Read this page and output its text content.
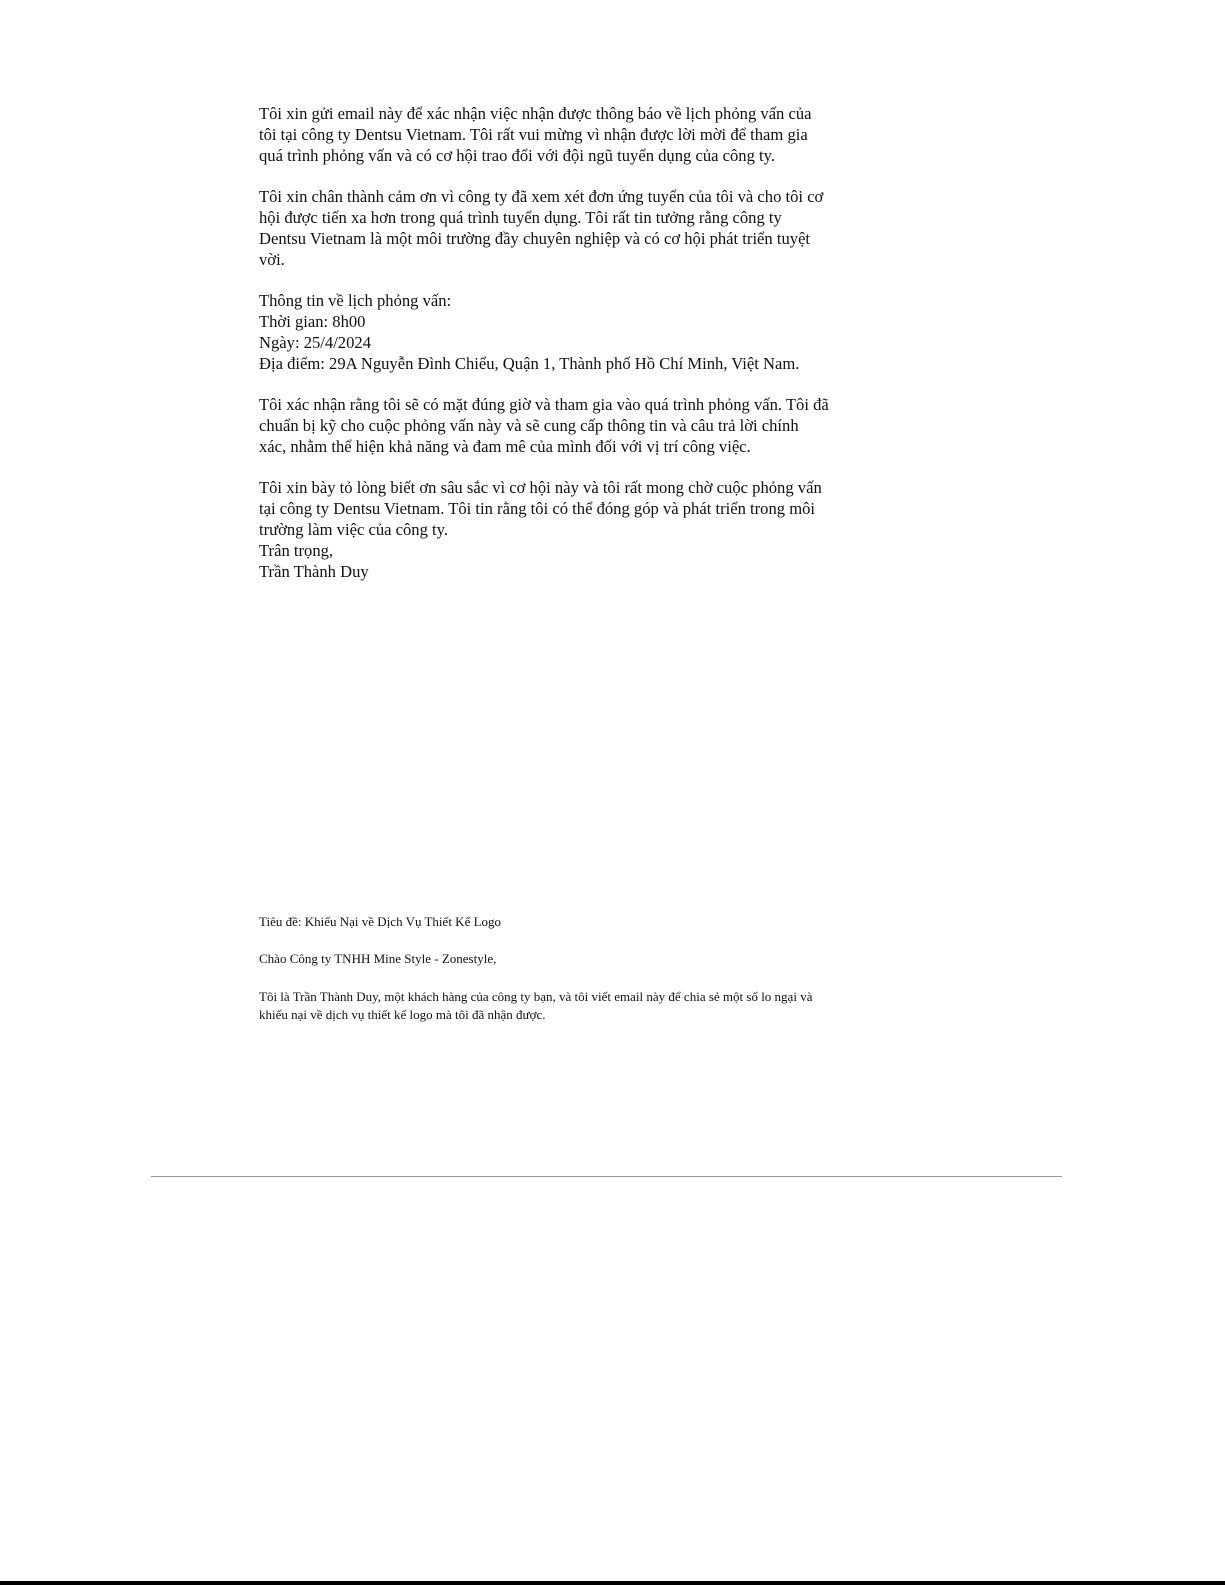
Tôi xin gửi email này để xác nhận việc nhận được thông báo về lịch phỏng vấn của tôi tại công ty Dentsu Vietnam. Tôi rất vui mừng vì nhận được lời mời để tham gia quá trình phỏng vấn và có cơ hội trao đổi với đội ngũ tuyển dụng của công ty.

Tôi xin chân thành cảm ơn vì công ty đã xem xét đơn ứng tuyển của tôi và cho tôi cơ hội được tiến xa hơn trong quá trình tuyển dụng. Tôi rất tin tưởng rằng công ty Dentsu Vietnam là một môi trường đầy chuyên nghiệp và có cơ hội phát triển tuyệt vời.

Thông tin về lịch phỏng vấn:
Thời gian: 8h00
Ngày: 25/4/2024
Địa điểm: 29A Nguyễn Đình Chiểu, Quận 1, Thành phố Hồ Chí Minh, Việt Nam.

Tôi xác nhận rằng tôi sẽ có mặt đúng giờ và tham gia vào quá trình phỏng vấn. Tôi đã chuẩn bị kỹ cho cuộc phỏng vấn này và sẽ cung cấp thông tin và câu trả lời chính xác, nhằm thể hiện khả năng và đam mê của mình đối với vị trí công việc.

Tôi xin bày tỏ lòng biết ơn sâu sắc vì cơ hội này và tôi rất mong chờ cuộc phỏng vấn tại công ty Dentsu Vietnam. Tôi tin rằng tôi có thể đóng góp và phát triển trong môi trường làm việc của công ty.
Trân trọng,
Trần Thành Duy

Tiêu đề: Khiếu Nại về Dịch Vụ Thiết Kế Logo

Chào Công ty TNHH Mine Style - Zonestyle,

Tôi là Trần Thành Duy, một khách hàng của công ty bạn, và tôi viết email này để chia sẻ một số lo ngại và khiếu nại về dịch vụ thiết kế logo mà tôi đã nhận được.
